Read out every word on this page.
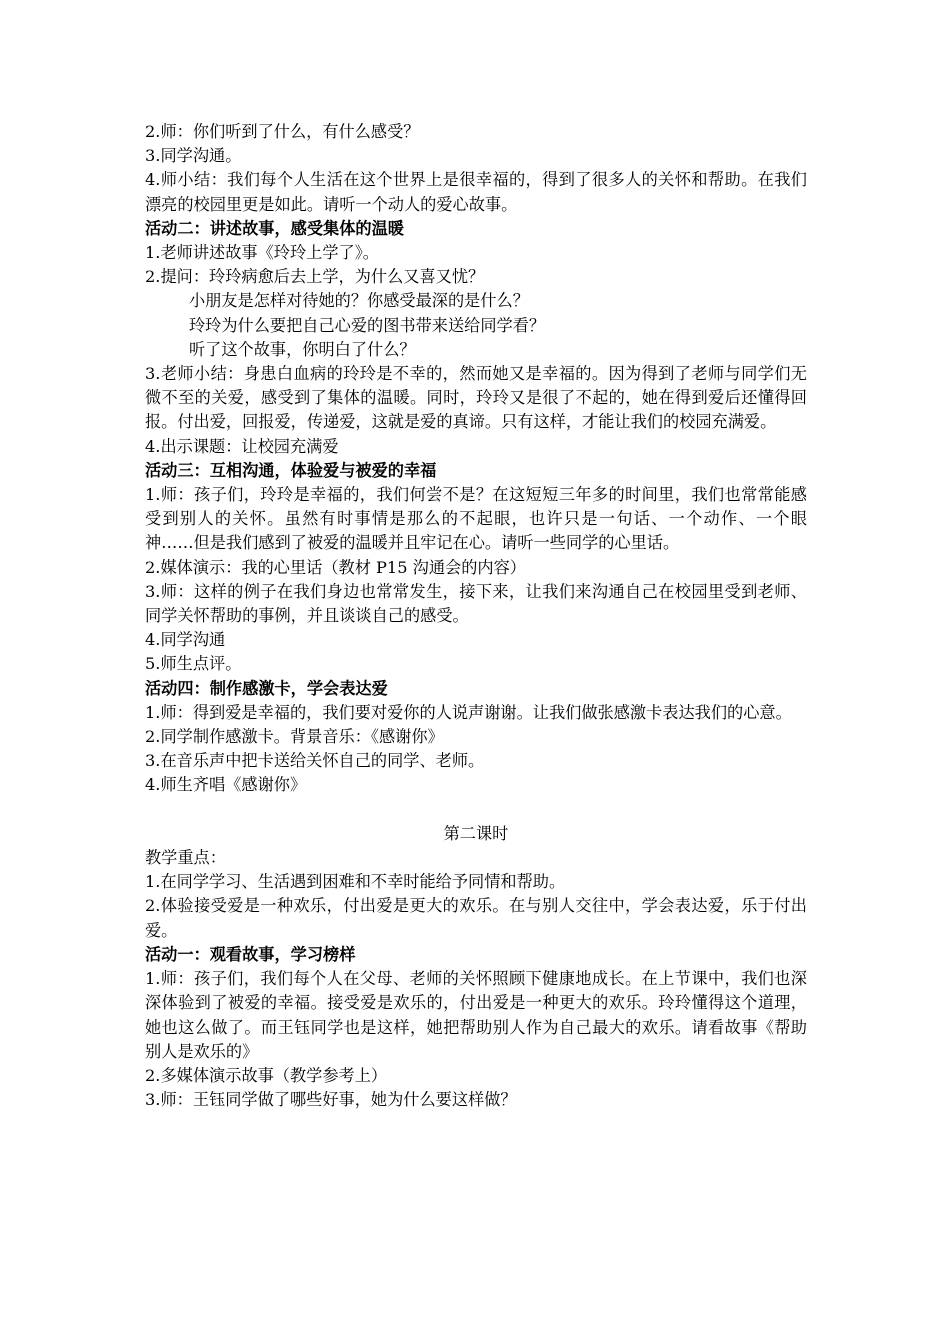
2.师：你们听到了什么，有什么感受？

3.同学沟通。

4.师小结：我们每个人生活在这个世界上是很幸福的，得到了很多人的关怀和帮助。在我们漂亮的校园里更是如此。请听一个动人的爱心故事。

活动二：讲述故事，感受集体的温暖

1.老师讲述故事《玲玲上学了》。

2.提问：玲玲病愈后去上学，为什么又喜又忧？

小朋友是怎样对待她的？你感受最深的是什么？

玲玲为什么要把自己心爱的图书带来送给同学看？

听了这个故事，你明白了什么？

3.老师小结：身患白血病的玲玲是不幸的，然而她又是幸福的。因为得到了老师与同学们无微不至的关爱，感受到了集体的温暖。同时，玲玲又是很了不起的，她在得到爱后还懂得回报。付出爱，回报爱，传递爱，这就是爱的真谛。只有这样，才能让我们的校园充满爱。

4.出示课题：让校园充满爱

活动三：互相沟通，体验爱与被爱的幸福

1.师：孩子们，玲玲是幸福的，我们何尝不是？在这短短三年多的时间里，我们也常常能感受到别人的关怀。虽然有时事情是那么的不起眼，也许只是一句话、一个动作、一个眼神……但是我们感到了被爱的温暖并且牢记在心。请听一些同学的心里话。

2.媒体演示：我的心里话（教材 P15 沟通会的内容）

3.师：这样的例子在我们身边也常常发生，接下来，让我们来沟通自己在校园里受到老师、同学关怀帮助的事例，并且谈谈自己的感受。

4.同学沟通

5.师生点评。

活动四：制作感激卡，学会表达爱

1.师：得到爱是幸福的，我们要对爱你的人说声谢谢。让我们做张感激卡表达我们的心意。

2.同学制作感激卡。背景音乐：《感谢你》

3.在音乐声中把卡送给关怀自己的同学、老师。

4.师生齐唱《感谢你》

第二课时

教学重点：

1.在同学学习、生活遇到困难和不幸时能给予同情和帮助。

2.体验接受爱是一种欢乐，付出爱是更大的欢乐。在与别人交往中，学会表达爱，乐于付出爱。

活动一：观看故事，学习榜样

1.师：孩子们，我们每个人在父母、老师的关怀照顾下健康地成长。在上节课中，我们也深深体验到了被爱的幸福。接受爱是欢乐的，付出爱是一种更大的欢乐。玲玲懂得这个道理，她也这么做了。而王钰同学也是这样，她把帮助别人作为自己最大的欢乐。请看故事《帮助别人是欢乐的》

2.多媒体演示故事（教学参考上）

3.师：王钰同学做了哪些好事，她为什么要这样做？
